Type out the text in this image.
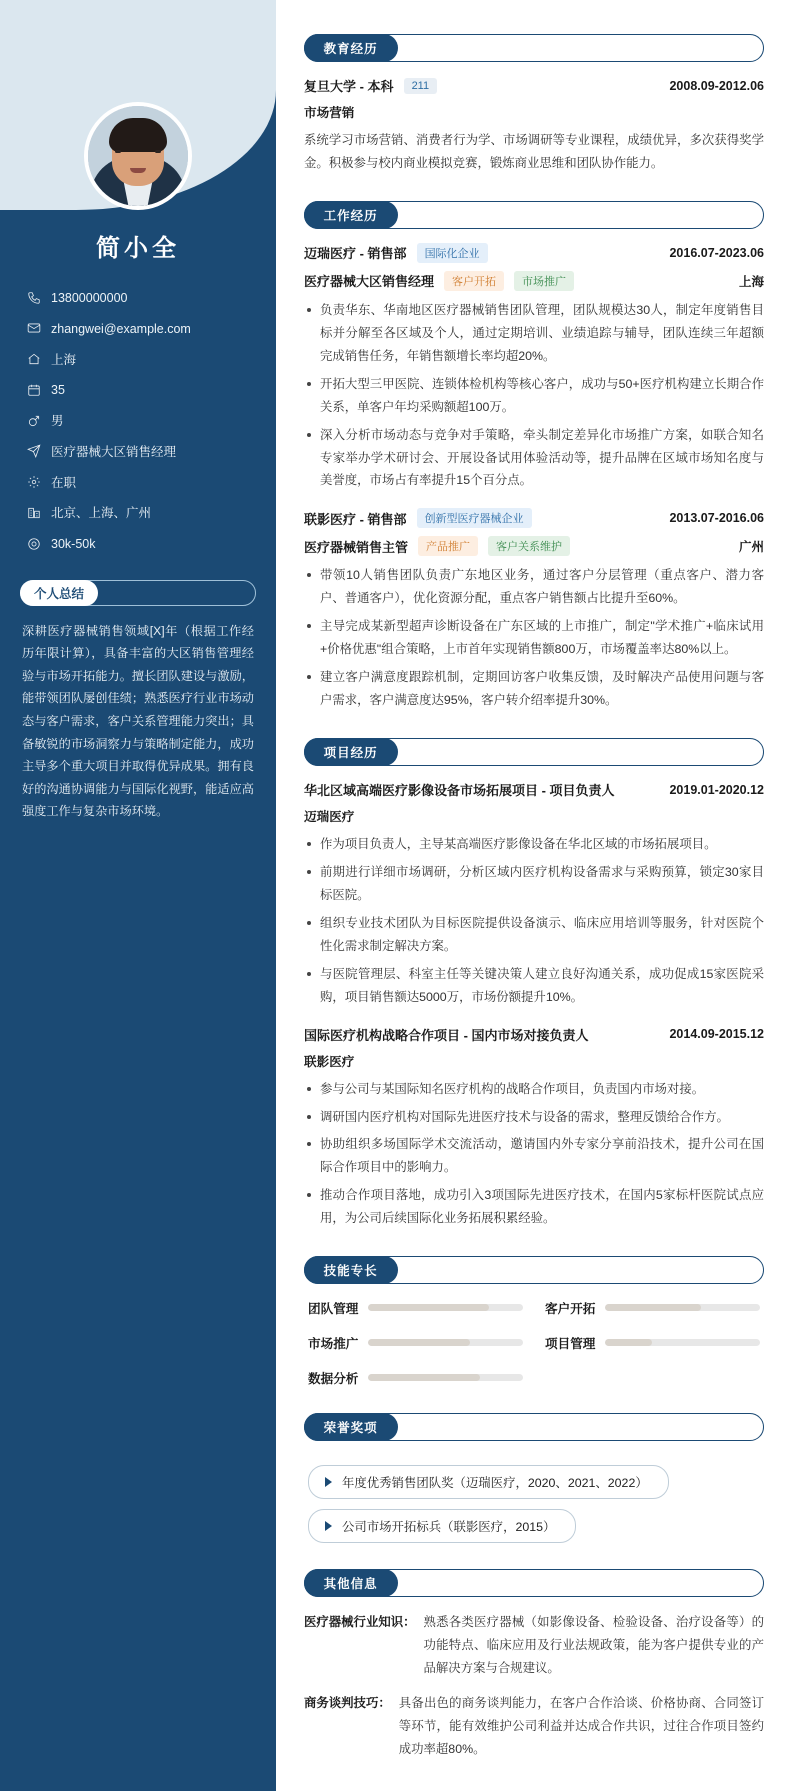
简小全
13800000000
zhangwei@example.com
上海
35
男
医疗器械大区销售经理
在职
北京、上海、广州
30k-50k
个人总结
深耕医疗器械销售领域[X]年（根据工作经历年限计算），具备丰富的大区销售管理经验与市场开拓能力。擅长团队建设与激励，能带领团队屡创佳绩；熟悉医疗行业市场动态与客户需求，客户关系管理能力突出；具备敏锐的市场洞察力与策略制定能力，成功主导多个重大项目并取得优异成果。拥有良好的沟通协调能力与国际化视野，能适应高强度工作与复杂市场环境。
教育经历
复旦大学 - 本科	211	2008.09-2012.06
市场营销
系统学习市场营销、消费者行为学、市场调研等专业课程，成绩优异，多次获得奖学金。积极参与校内商业模拟竞赛，锻炼商业思维和团队协作能力。
工作经历
迈瑞医疗 - 销售部	国际化企业	2016.07-2023.06
医疗器械大区销售经理	客户开拓	市场推广	上海
负责华东、华南地区医疗器械销售团队管理，团队规模达30人，制定年度销售目标并分解至各区域及个人，通过定期培训、业绩追踪与辅导，团队连续三年超额完成销售任务，年销售额增长率均超20%。
开拓大型三甲医院、连锁体检机构等核心客户，成功与50+医疗机构建立长期合作关系，单客户年均采购额超100万。
深入分析市场动态与竞争对手策略，牵头制定差异化市场推广方案，如联合知名专家举办学术研讨会、开展设备试用体验活动等，提升品牌在区域市场知名度与美誉度，市场占有率提升15个百分点。
联影医疗 - 销售部	创新型医疗器械企业	2013.07-2016.06
医疗器械销售主管	产品推广	客户关系维护	广州
带领10人销售团队负责广东地区业务，通过客户分层管理（重点客户、潜力客户、普通客户），优化资源分配，重点客户销售额占比提升至60%。
主导完成某新型超声诊断设备在广东区域的上市推广，制定"学术推广+临床试用+价格优惠"组合策略，上市首年实现销售额800万，市场覆盖率达80%以上。
建立客户满意度跟踪机制，定期回访客户收集反馈，及时解决产品使用问题与客户需求，客户满意度达95%，客户转介绍率提升30%。
项目经历
华北区域高端医疗影像设备市场拓展项目 - 项目负责人	2019.01-2020.12
迈瑞医疗
作为项目负责人，主导某高端医疗影像设备在华北区域的市场拓展项目。
前期进行详细市场调研，分析区域内医疗机构设备需求与采购预算，锁定30家目标医院。
组织专业技术团队为目标医院提供设备演示、临床应用培训等服务，针对医院个性化需求制定解决方案。
与医院管理层、科室主任等关键决策人建立良好沟通关系，成功促成15家医院采购，项目销售额达5000万，市场份额提升10%。
国际医疗机构战略合作项目 - 国内市场对接负责人	2014.09-2015.12
联影医疗
参与公司与某国际知名医疗机构的战略合作项目，负责国内市场对接。
调研国内医疗机构对国际先进医疗技术与设备的需求，整理反馈给合作方。
协助组织多场国际学术交流活动，邀请国内外专家分享前沿技术，提升公司在国际合作项目中的影响力。
推动合作项目落地，成功引入3项国际先进医疗技术，在国内5家标杆医院试点应用，为公司后续国际化业务拓展积累经验。
技能专长
团队管理	客户开拓
市场推广	项目管理
数据分析
荣誉奖项
年度优秀销售团队奖（迈瑞医疗，2020、2021、2022）
公司市场开拓标兵（联影医疗，2015）
其他信息
医疗器械行业知识： 熟悉各类医疗器械（如影像设备、检验设备、治疗设备等）的功能特点、临床应用及行业法规政策，能为客户提供专业的产品解决方案与合规建议。
商务谈判技巧： 具备出色的商务谈判能力，在客户合作洽谈、价格协商、合同签订等环节，能有效维护公司利益并达成合作共识，过往合作项目签约成功率超80%。
